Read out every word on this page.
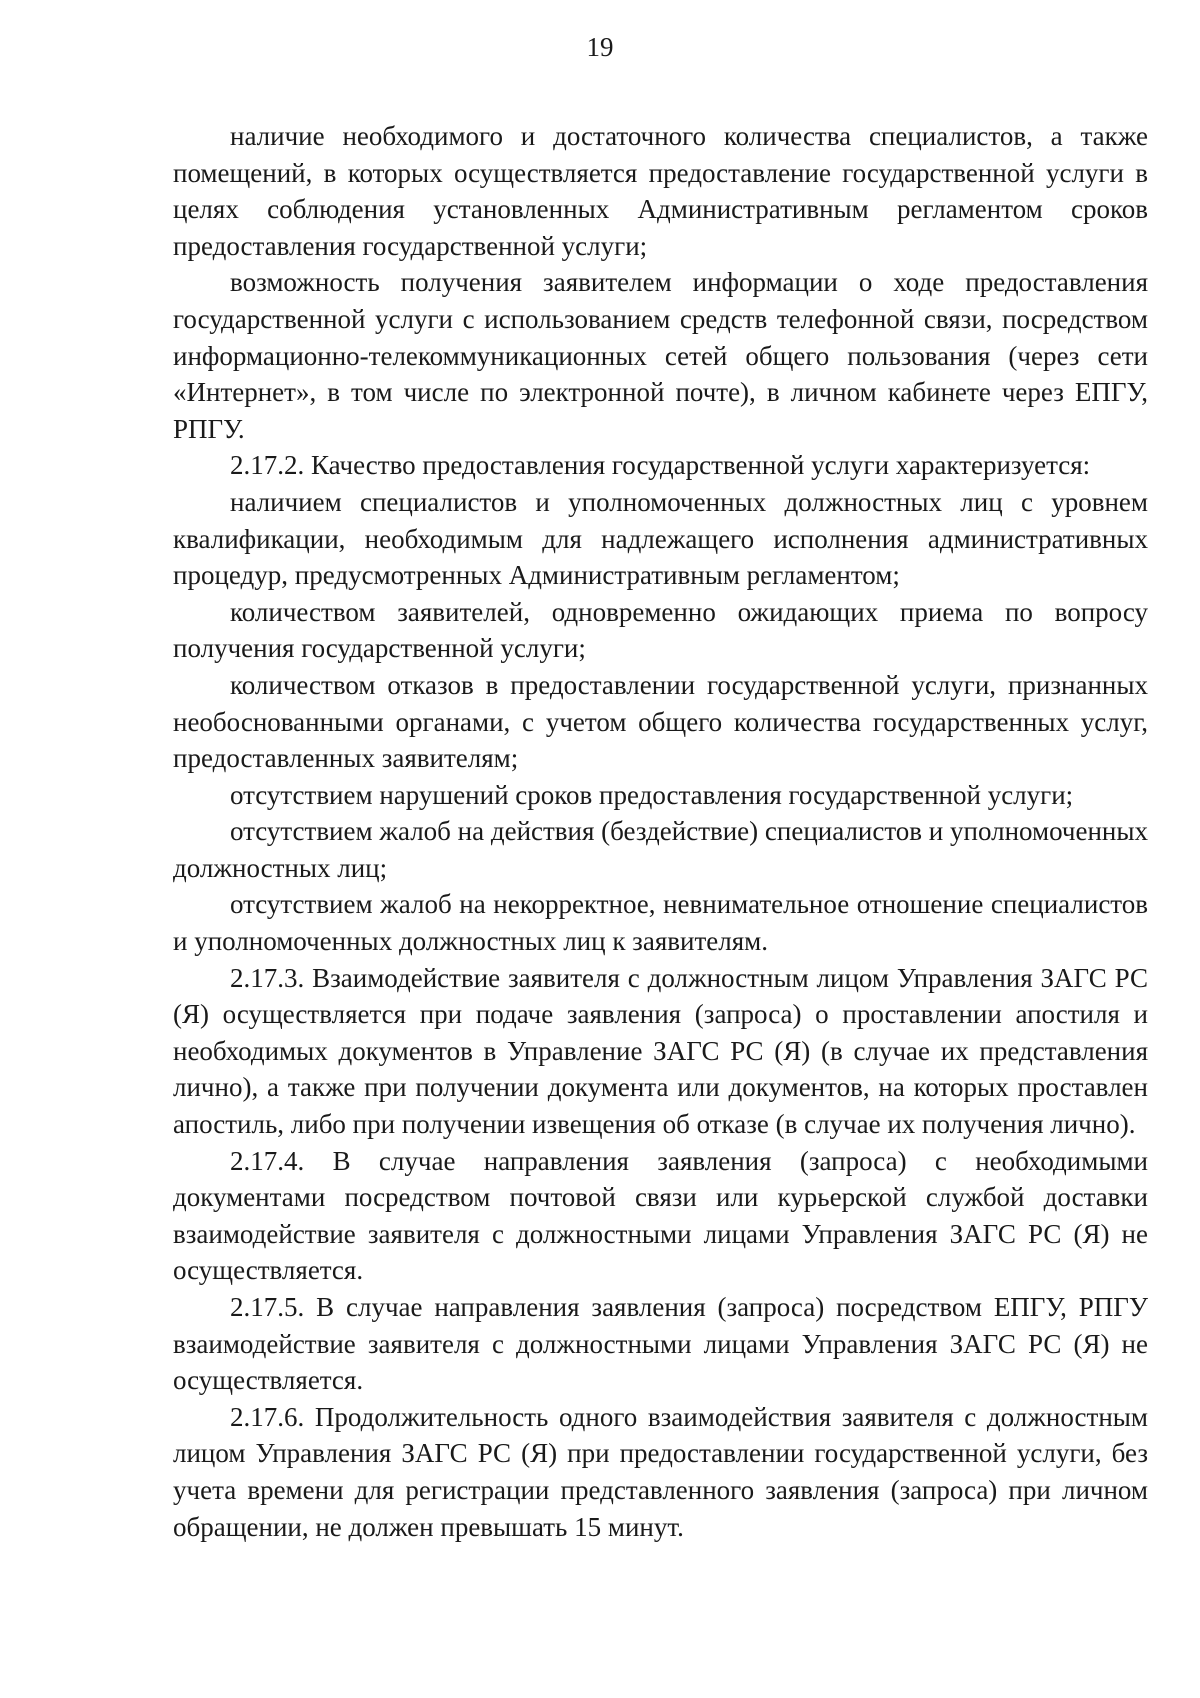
19

наличие необходимого и достаточного количества специалистов, а также помещений, в которых осуществляется предоставление государственной услуги в целях соблюдения установленных Административным регламентом сроков предоставления государственной услуги;

возможность получения заявителем информации о ходе предоставления государственной услуги с использованием средств телефонной связи, посредством информационно-телекоммуникационных сетей общего пользования (через сети «Интернет», в том числе по электронной почте), в личном кабинете через ЕПГУ, РПГУ.

2.17.2. Качество предоставления государственной услуги характеризуется:

наличием специалистов и уполномоченных должностных лиц с уровнем квалификации, необходимым для надлежащего исполнения административных процедур, предусмотренных Административным регламентом;

количеством заявителей, одновременно ожидающих приема по вопросу получения государственной услуги;

количеством отказов в предоставлении государственной услуги, признанных необоснованными органами, с учетом общего количества государственных услуг, предоставленных заявителям;

отсутствием нарушений сроков предоставления государственной услуги;

отсутствием жалоб на действия (бездействие) специалистов и уполномоченных должностных лиц;

отсутствием жалоб на некорректное, невнимательное отношение специалистов и уполномоченных должностных лиц к заявителям.

2.17.3. Взаимодействие заявителя с должностным лицом Управления ЗАГС РС (Я) осуществляется при подаче заявления (запроса) о проставлении апостиля и необходимых документов в Управление ЗАГС РС (Я) (в случае их представления лично), а также при получении документа или документов, на которых проставлен апостиль, либо при получении извещения об отказе (в случае их получения лично).

2.17.4. В случае направления заявления (запроса) с необходимыми документами посредством почтовой связи или курьерской службой доставки взаимодействие заявителя с должностными лицами Управления ЗАГС РС (Я) не осуществляется.

2.17.5. В случае направления заявления (запроса) посредством ЕПГУ, РПГУ взаимодействие заявителя с должностными лицами Управления ЗАГС РС (Я) не осуществляется.

2.17.6. Продолжительность одного взаимодействия заявителя с должностным лицом Управления ЗАГС РС (Я) при предоставлении государственной услуги, без учета времени для регистрации представленного заявления (запроса) при личном обращении, не должен превышать 15 минут.
